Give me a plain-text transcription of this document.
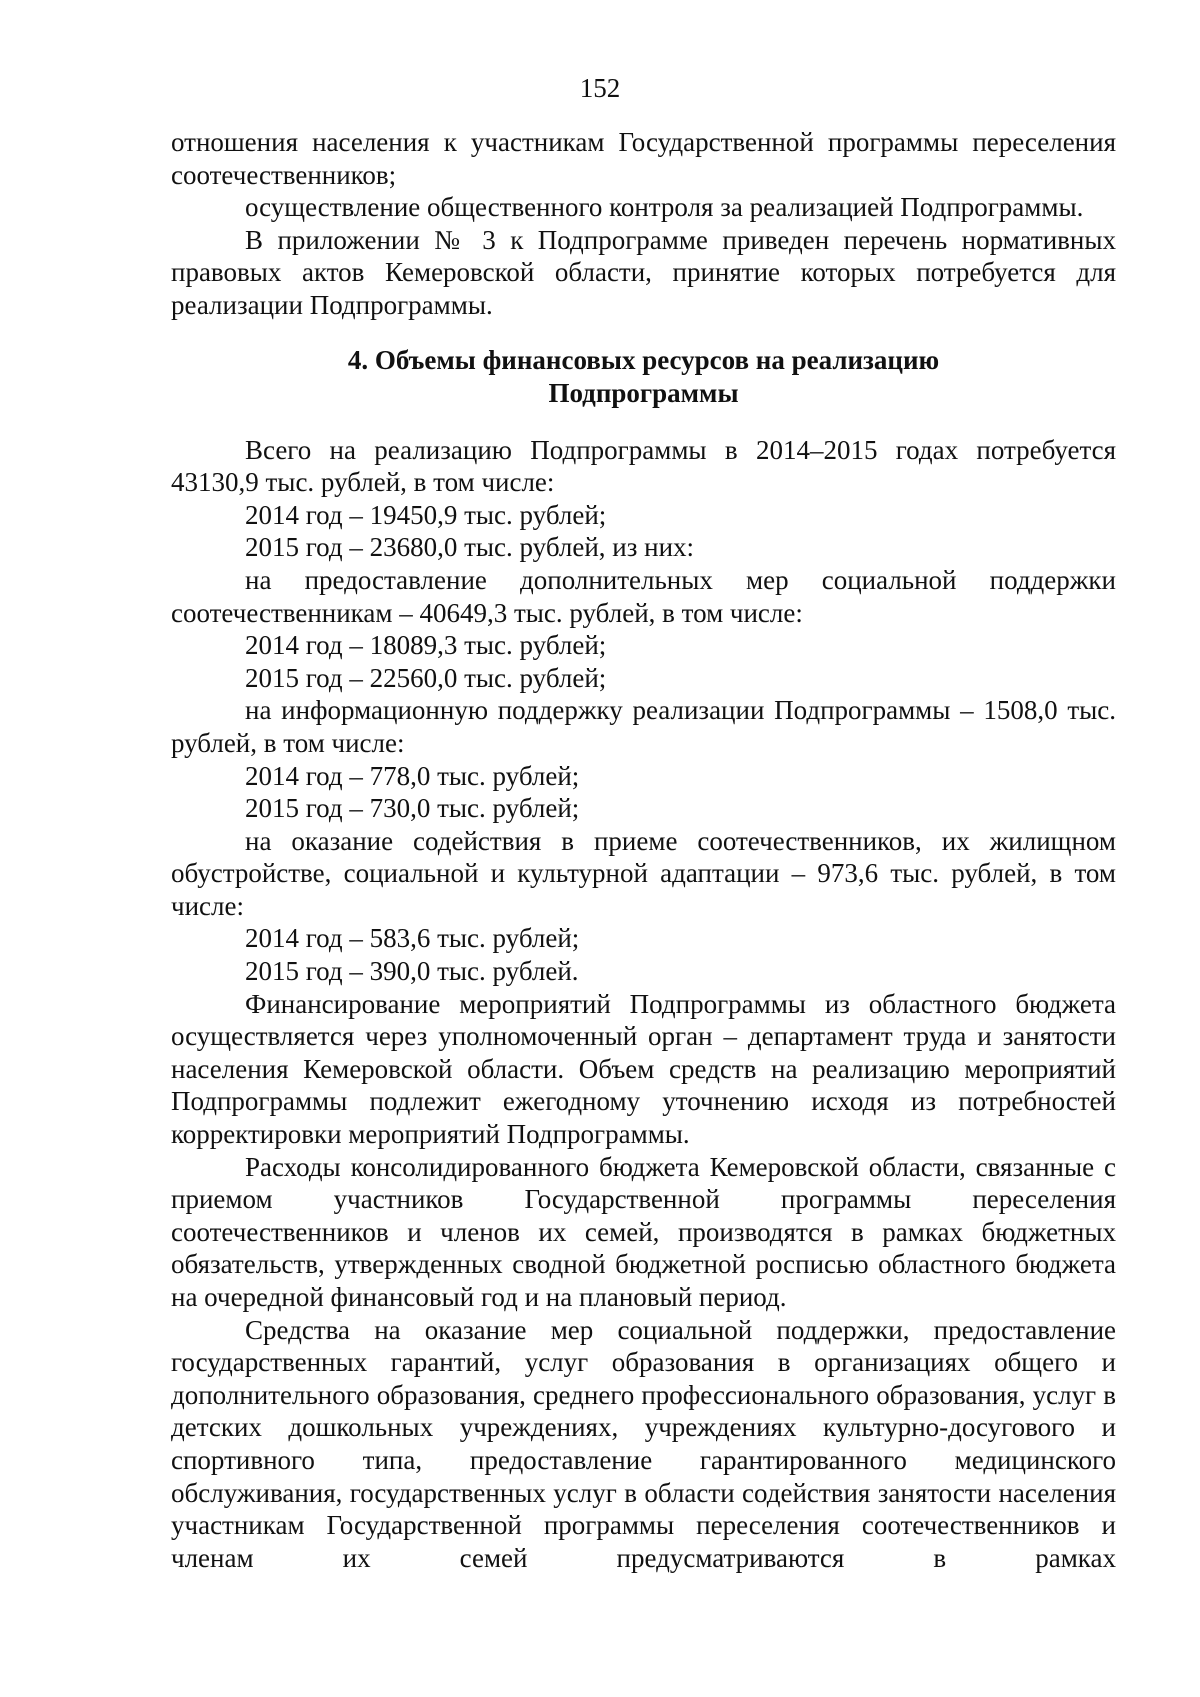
152

отношения населения к участникам Государственной программы переселения соотечественников;

осуществление общественного контроля за реализацией Подпрограммы.

В приложении № 3 к Подпрограмме приведен перечень нормативных правовых актов Кемеровской области, принятие которых потребуется для реализации Подпрограммы.

4. Объемы финансовых ресурсов на реализацию
Подпрограммы

Всего на реализацию Подпрограммы в 2014–2015 годах потребуется 43130,9 тыс. рублей, в том числе:

2014 год – 19450,9 тыс. рублей;

2015 год – 23680,0 тыс. рублей, из них:

на предоставление дополнительных мер социальной поддержки соотечественникам – 40649,3 тыс. рублей, в том числе:

2014 год – 18089,3 тыс. рублей;

2015 год – 22560,0 тыс. рублей;

на информационную поддержку реализации Подпрограммы – 1508,0 тыс. рублей, в том числе:

2014 год – 778,0 тыс. рублей;

2015 год – 730,0 тыс. рублей;

на оказание содействия в приеме соотечественников, их жилищном обустройстве, социальной и культурной адаптации – 973,6 тыс. рублей, в том числе:

2014 год – 583,6 тыс. рублей;

2015 год – 390,0 тыс. рублей.

Финансирование мероприятий Подпрограммы из областного бюджета осуществляется через уполномоченный орган – департамент труда и занятости населения Кемеровской области. Объем средств на реализацию мероприятий Подпрограммы подлежит ежегодному уточнению исходя из потребностей корректировки мероприятий Подпрограммы.

Расходы консолидированного бюджета Кемеровской области, связанные с приемом участников Государственной программы переселения соотечественников и членов их семей, производятся в рамках бюджетных обязательств, утвержденных сводной бюджетной росписью областного бюджета на очередной финансовый год и на плановый период.

Средства на оказание мер социальной поддержки, предоставление государственных гарантий, услуг образования в организациях общего и дополнительного образования, среднего профессионального образования, услуг в детских дошкольных учреждениях, учреждениях культурно-досугового и спортивного типа, предоставление гарантированного медицинского обслуживания, государственных услуг в области содействия занятости населения участникам Государственной программы переселения соотечественников и членам их семей предусматриваются в рамках
